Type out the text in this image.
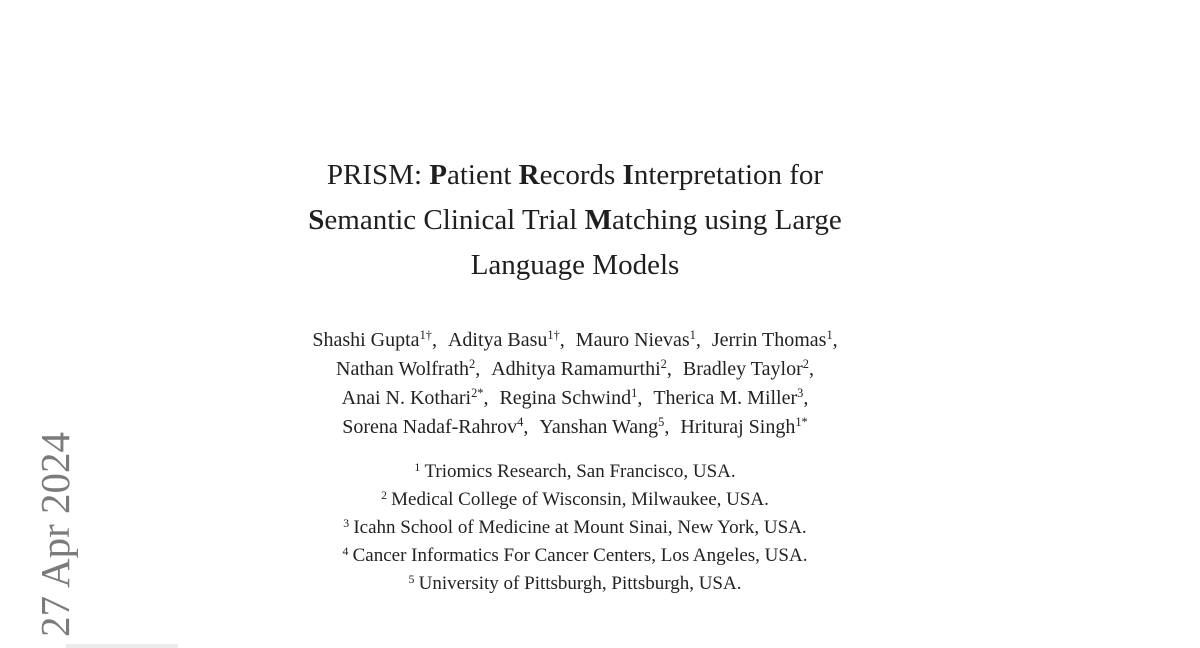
27 Apr 2024
PRISM: Patient Records Interpretation for
Semantic Clinical Trial Matching using Large
Language Models
Shashi Gupta$^{1\dagger}$, Aditya Basu$^{1\dagger}$, Mauro Nievas$^1$, Jerrin Thomas$^1$,
Nathan Wolfrath$^2$, Adhitya Ramamurthi$^2$, Bradley Taylor$^2$,
Anai N. Kothari$^{2*}$, Regina Schwind$^1$, Therica M. Miller$^3$,
Sorena Nadaf-Rahrov$^4$, Yanshan Wang$^5$, Hrituraj Singh$^{1*}$
$^1$ Triomics Research, San Francisco, USA.
$^2$ Medical College of Wisconsin, Milwaukee, USA.
$^3$ Icahn School of Medicine at Mount Sinai, New York, USA.
$^4$ Cancer Informatics For Cancer Centers, Los Angeles, USA.
$^5$ University of Pittsburgh, Pittsburgh, USA.
